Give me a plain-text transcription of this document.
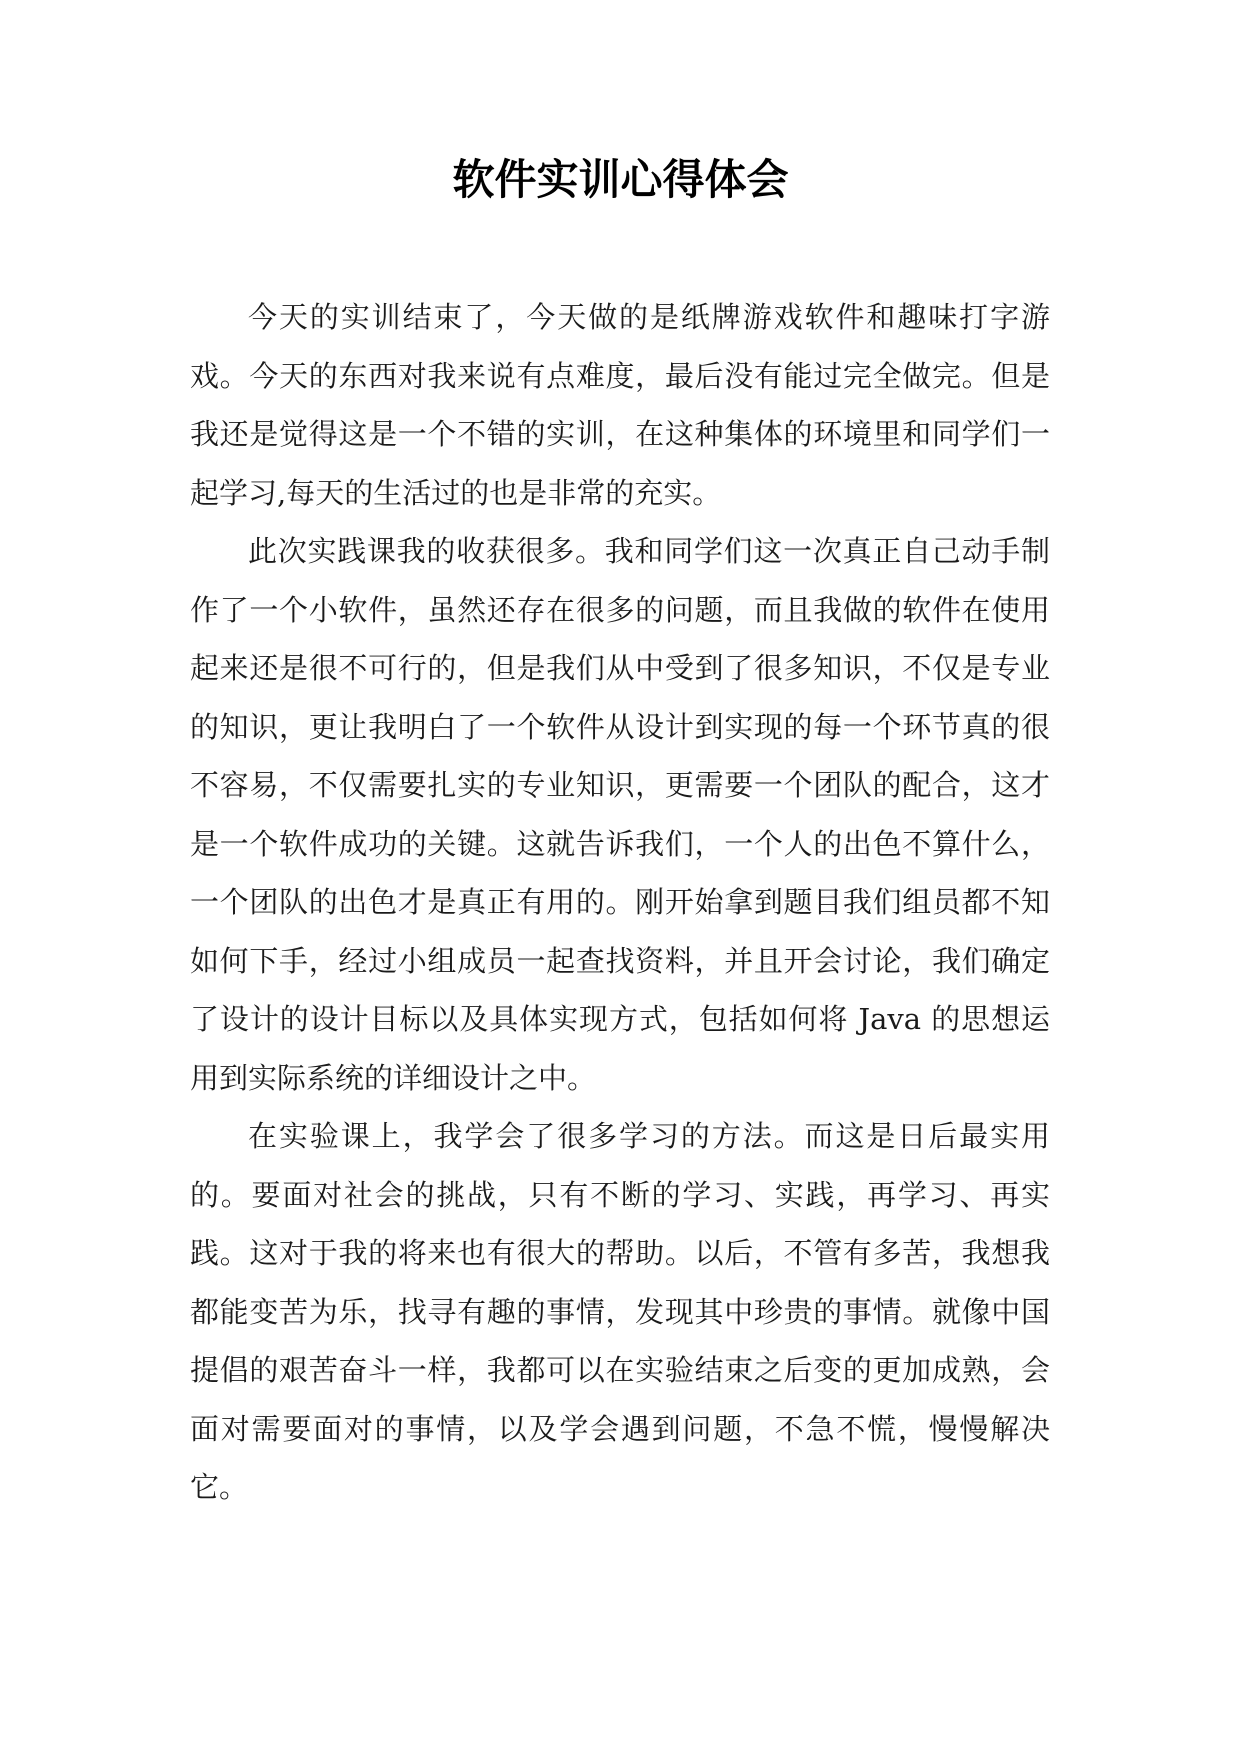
软件实训心得体会

今天的实训结束了，今天做的是纸牌游戏软件和趣味打字游戏。今天的东西对我来说有点难度，最后没有能过完全做完。但是我还是觉得这是一个不错的实训，在这种集体的环境里和同学们一起学习,每天的生活过的也是非常的充实。

此次实践课我的收获很多。我和同学们这一次真正自己动手制作了一个小软件，虽然还存在很多的问题，而且我做的软件在使用起来还是很不可行的，但是我们从中受到了很多知识，不仅是专业的知识，更让我明白了一个软件从设计到实现的每一个环节真的很不容易，不仅需要扎实的专业知识，更需要一个团队的配合，这才是一个软件成功的关键。这就告诉我们，一个人的出色不算什么，一个团队的出色才是真正有用的。刚开始拿到题目我们组员都不知如何下手，经过小组成员一起查找资料，并且开会讨论，我们确定了设计的设计目标以及具体实现方式，包括如何将 Java 的思想运用到实际系统的详细设计之中。

在实验课上，我学会了很多学习的方法。而这是日后最实用的。要面对社会的挑战，只有不断的学习、实践，再学习、再实践。这对于我的将来也有很大的帮助。以后，不管有多苦，我想我都能变苦为乐，找寻有趣的事情，发现其中珍贵的事情。就像中国提倡的艰苦奋斗一样，我都可以在实验结束之后变的更加成熟，会面对需要面对的事情，以及学会遇到问题，不急不慌，慢慢解决它。
